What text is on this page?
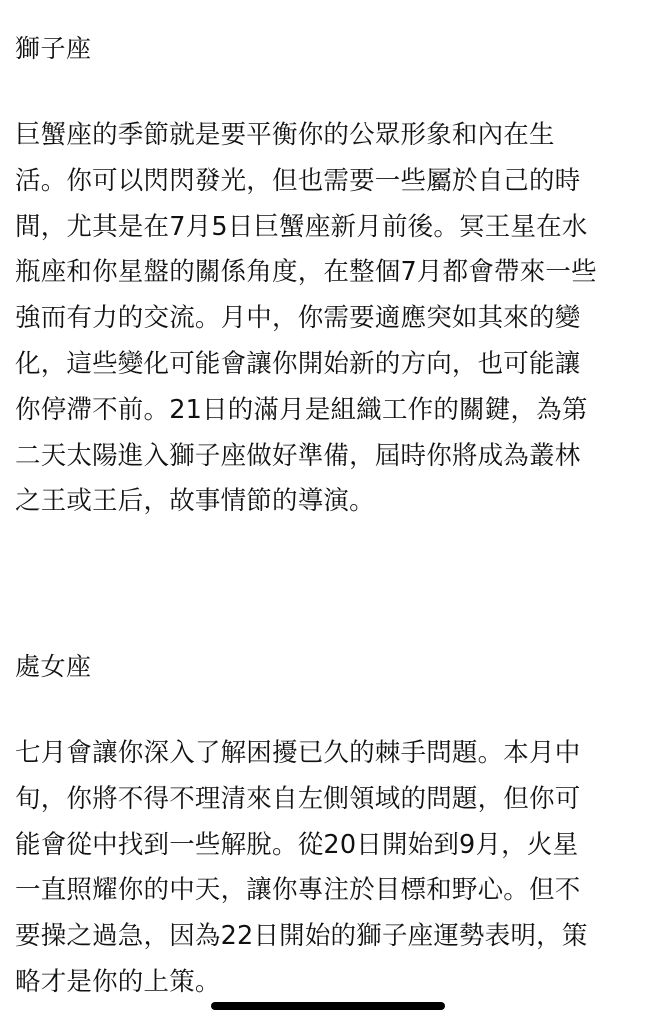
獅子座

巨蟹座的季節就是要平衡你的公眾形象和內在生
活。你可以閃閃發光，但也需要一些屬於自己的時
間，尤其是在7月5日巨蟹座新月前後。冥王星在水
瓶座和你星盤的關係角度，在整個7月都會帶來一些
強而有力的交流。月中，你需要適應突如其來的變
化，這些變化可能會讓你開始新的方向，也可能讓
你停滯不前。21日的滿月是組織工作的關鍵，為第
二天太陽進入獅子座做好準備，屆時你將成為叢林
之王或王后，故事情節的導演。

處女座

七月會讓你深入了解困擾已久的棘手問題。本月中
旬，你將不得不理清來自左側領域的問題，但你可
能會從中找到一些解脫。從20日開始到9月，火星
一直照耀你的中天，讓你專注於目標和野心。但不
要操之過急，因為22日開始的獅子座運勢表明，策
略才是你的上策。
